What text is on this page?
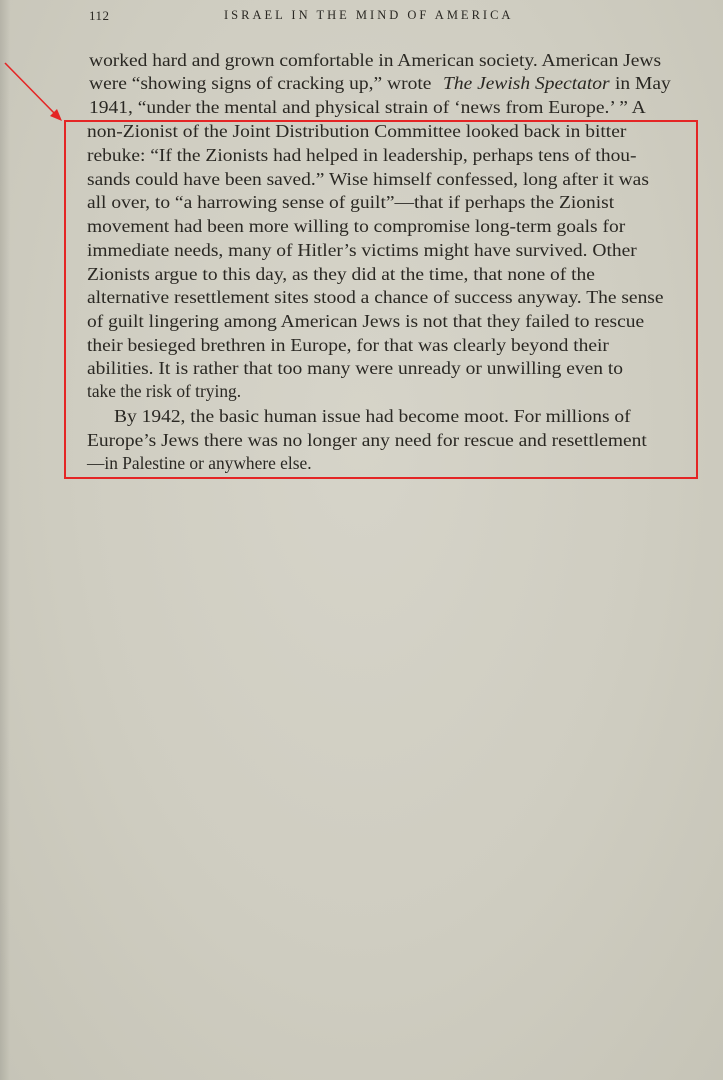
112	ISRAEL IN THE MIND OF AMERICA
worked hard and grown comfortable in American society. American Jews
were “showing signs of cracking up,” wrote The Jewish Spectator in May
1941, “under the mental and physical strain of ‘news from Europe.’ ” A
non-Zionist of the Joint Distribution Committee looked back in bitter
rebuke: “If the Zionists had helped in leadership, perhaps tens of thou-
sands could have been saved.” Wise himself confessed, long after it was
all over, to “a harrowing sense of guilt”—that if perhaps the Zionist
movement had been more willing to compromise long-term goals for
immediate needs, many of Hitler’s victims might have survived. Other
Zionists argue to this day, as they did at the time, that none of the
alternative resettlement sites stood a chance of success anyway. The sense
of guilt lingering among American Jews is not that they failed to rescue
their besieged brethren in Europe, for that was clearly beyond their
abilities. It is rather that too many were unready or unwilling even to
take the risk of trying.
By 1942, the basic human issue had become moot. For millions of
Europe’s Jews there was no longer any need for rescue and resettlement
—in Palestine or anywhere else.
